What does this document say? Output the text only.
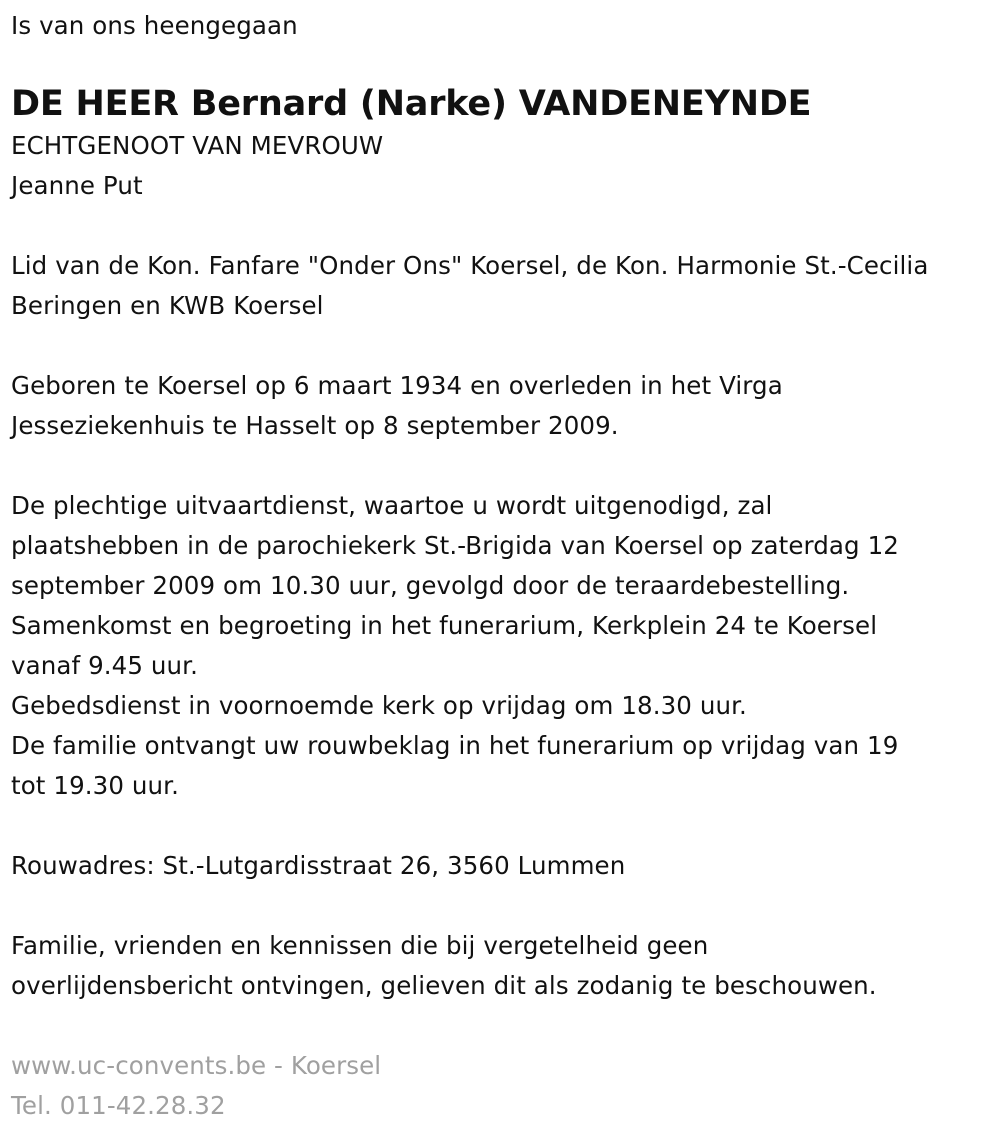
Is van ons heengegaan
DE HEER Bernard (Narke) VANDENEYNDE
ECHTGENOOT VAN MEVROUW
Jeanne Put
Lid van de Kon. Fanfare "Onder Ons" Koersel, de Kon. Harmonie St.-Cecilia
Beringen en KWB Koersel
Geboren te Koersel op 6 maart 1934 en overleden in het Virga
Jesseziekenhuis te Hasselt op 8 september 2009.
De plechtige uitvaartdienst, waartoe u wordt uitgenodigd, zal
plaatshebben in de parochiekerk St.-Brigida van Koersel op zaterdag 12
september 2009 om 10.30 uur, gevolgd door de teraardebestelling.
Samenkomst en begroeting in het funerarium, Kerkplein 24 te Koersel
vanaf 9.45 uur.
Gebedsdienst in voornoemde kerk op vrijdag om 18.30 uur.
De familie ontvangt uw rouwbeklag in het funerarium op vrijdag van 19
tot 19.30 uur.
Rouwadres: St.-Lutgardisstraat 26, 3560 Lummen
Familie, vrienden en kennissen die bij vergetelheid geen
overlijdensbericht ontvingen, gelieven dit als zodanig te beschouwen.
www.uc-convents.be - Koersel
Tel. 011-42.28.32
